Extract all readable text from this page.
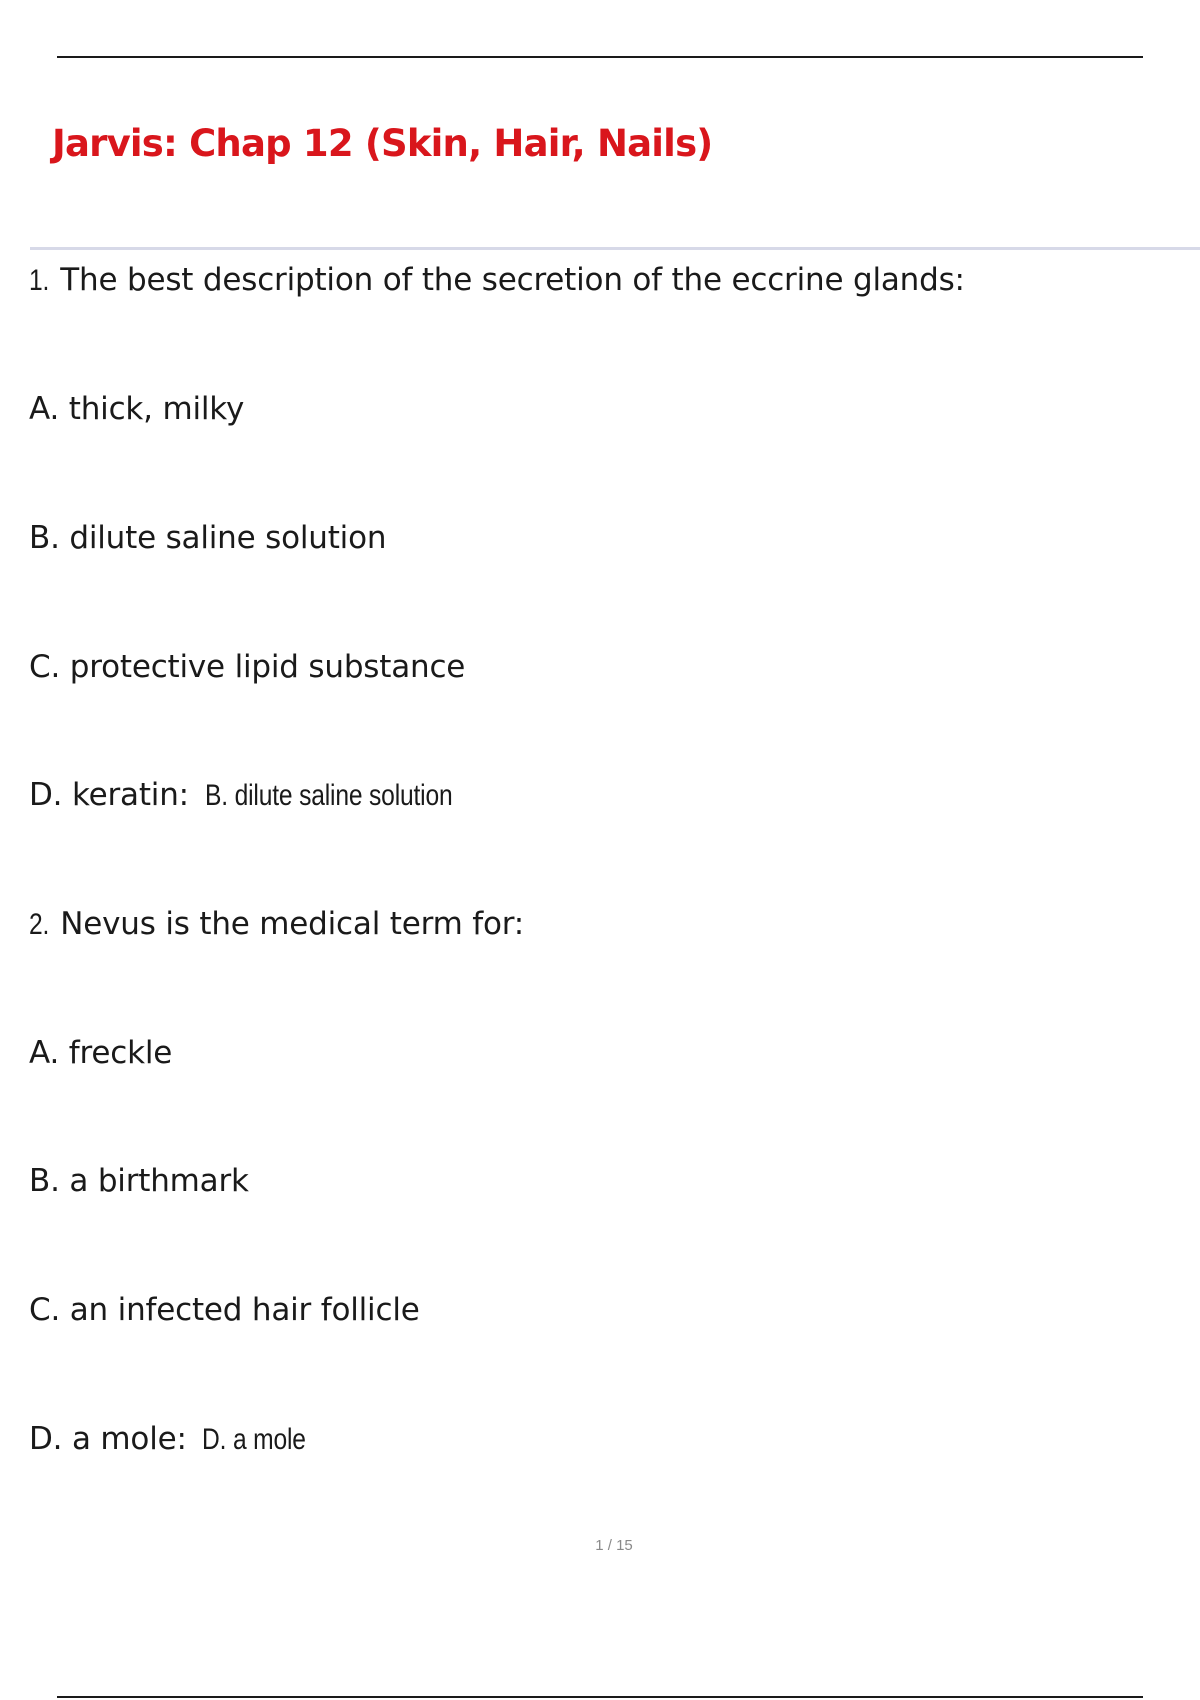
Jarvis: Chap 12 (Skin, Hair, Nails)

1. The best description of the secretion of the eccrine glands:

A. thick, milky

B. dilute saline solution

C. protective lipid substance

D. keratin: B. dilute saline solution

2. Nevus is the medical term for:

A. freckle

B. a birthmark

C. an infected hair follicle

D. a mole: D. a mole

1 / 15
